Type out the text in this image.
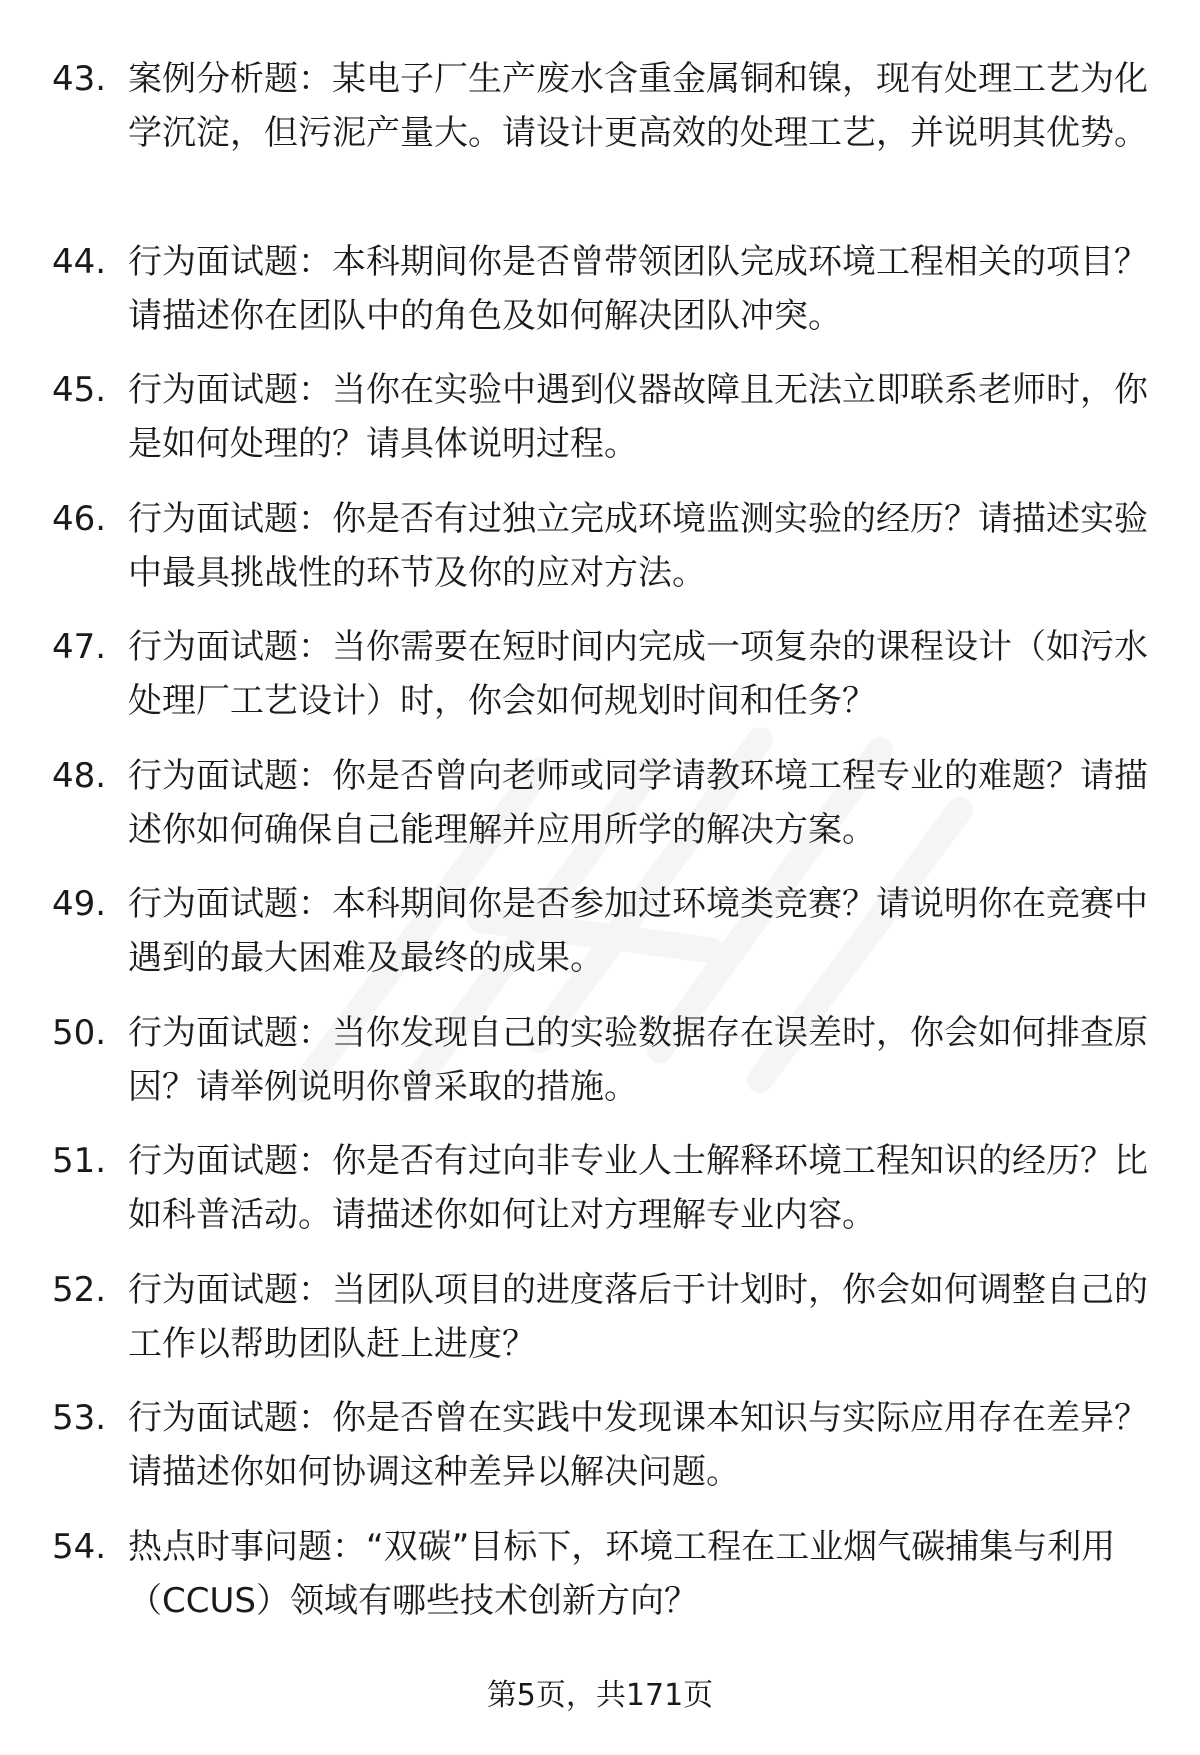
43. 案例分析题：某电子厂生产废水含重金属铜和镍，现有处理工艺为化学沉淀，但污泥产量大。请设计更高效的处理工艺，并说明其优势。
44. 行为面试题：本科期间你是否曾带领团队完成环境工程相关的项目？请描述你在团队中的角色及如何解决团队冲突。
45. 行为面试题：当你在实验中遇到仪器故障且无法立即联系老师时，你是如何处理的？请具体说明过程。
46. 行为面试题：你是否有过独立完成环境监测实验的经历？请描述实验中最具挑战性的环节及你的应对方法。
47. 行为面试题：当你需要在短时间内完成一项复杂的课程设计（如污水处理厂工艺设计）时，你会如何规划时间和任务？
48. 行为面试题：你是否曾向老师或同学请教环境工程专业的难题？请描述你如何确保自己能理解并应用所学的解决方案。
49. 行为面试题：本科期间你是否参加过环境类竞赛？请说明你在竞赛中遇到的最大困难及最终的成果。
50. 行为面试题：当你发现自己的实验数据存在误差时，你会如何排查原因？请举例说明你曾采取的措施。
51. 行为面试题：你是否有过向非专业人士解释环境工程知识的经历？比如科普活动。请描述你如何让对方理解专业内容。
52. 行为面试题：当团队项目的进度落后于计划时，你会如何调整自己的工作以帮助团队赶上进度？
53. 行为面试题：你是否曾在实践中发现课本知识与实际应用存在差异？请描述你如何协调这种差异以解决问题。
54. 热点时事问题：“双碳”目标下，环境工程在工业烟气碳捕集与利用（CCUS）领域有哪些技术创新方向？
第5页，共171页
